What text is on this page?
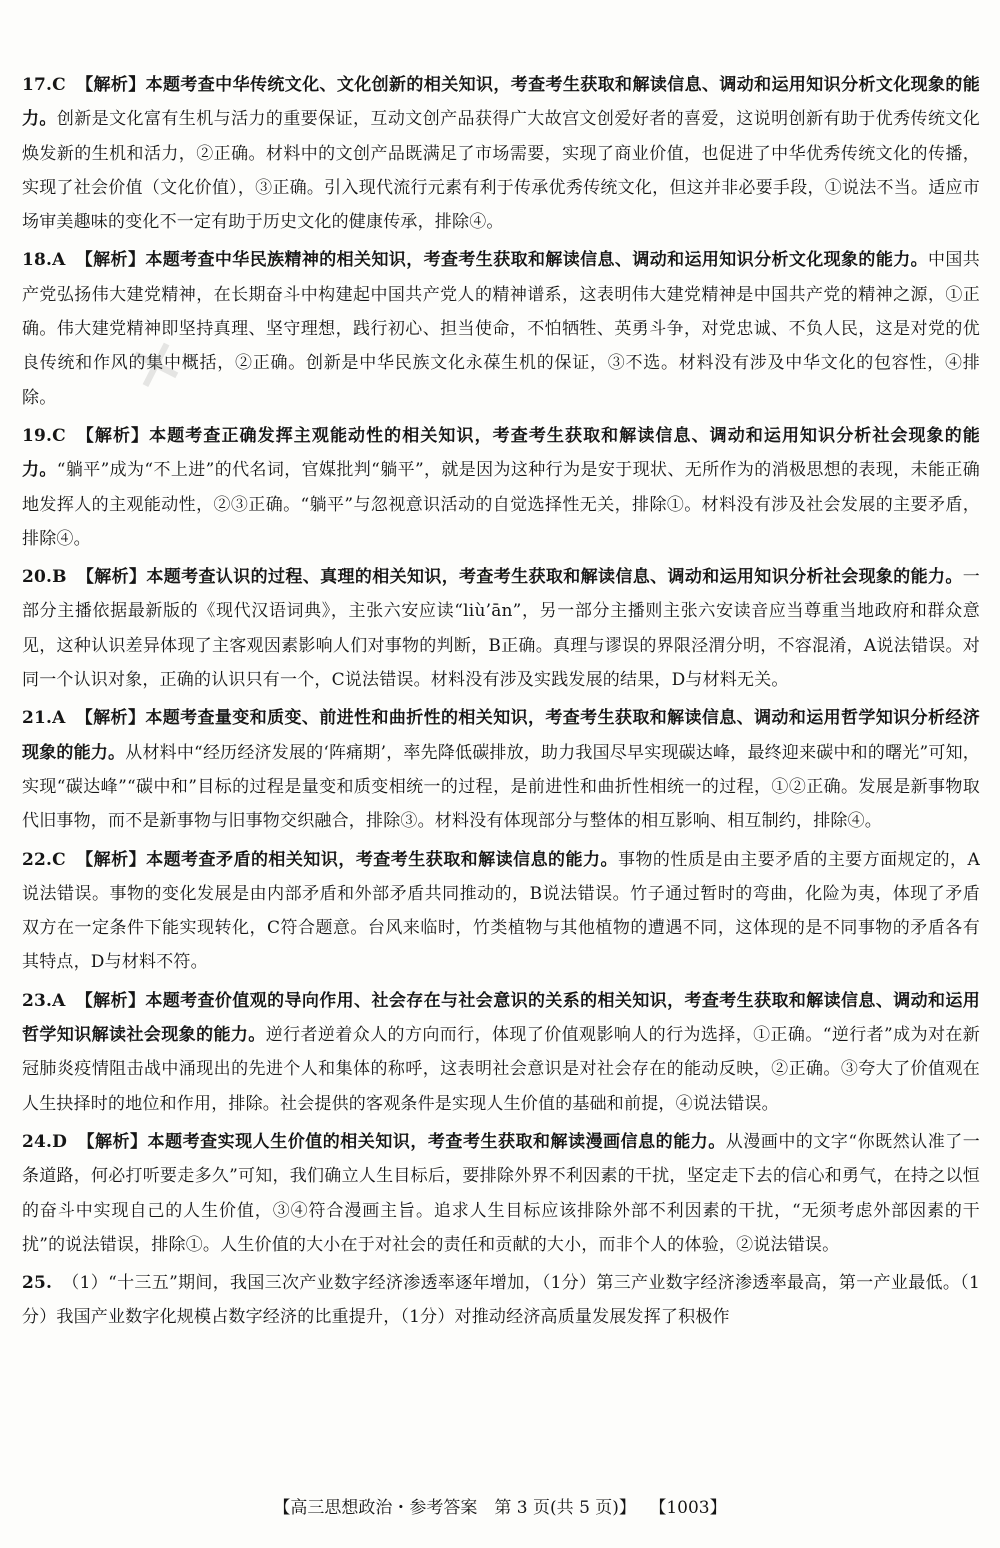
17.C 【解析】本题考查中华传统文化、文化创新的相关知识，考查考生获取和解读信息、调动和运用知识分析文化现象的能力。创新是文化富有生机与活力的重要保证，互动文创产品获得广大故宫文创爱好者的喜爱，这说明创新有助于优秀传统文化焕发新的生机和活力，②正确。材料中的文创产品既满足了市场需要，实现了商业价值，也促进了中华优秀传统文化的传播，实现了社会价值（文化价值），③正确。引入现代流行元素有利于传承优秀传统文化，但这并非必要手段，①说法不当。适应市场审美趣味的变化不一定有助于历史文化的健康传承，排除④。

18.A 【解析】本题考查中华民族精神的相关知识，考查考生获取和解读信息、调动和运用知识分析文化现象的能力。中国共产党弘扬伟大建党精神，在长期奋斗中构建起中国共产党人的精神谱系，这表明伟大建党精神是中国共产党的精神之源，①正确。伟大建党精神即坚持真理、坚守理想，践行初心、担当使命，不怕牺牲、英勇斗争，对党忠诚、不负人民，这是对党的优良传统和作风的集中概括，②正确。创新是中华民族文化永葆生机的保证，③不选。材料没有涉及中华文化的包容性，④排除。

19.C 【解析】本题考查正确发挥主观能动性的相关知识，考查考生获取和解读信息、调动和运用知识分析社会现象的能力。“躺平”成为“不上进”的代名词，官媒批判“躺平”，就是因为这种行为是安于现状、无所作为的消极思想的表现，未能正确地发挥人的主观能动性，②③正确。“躺平”与忽视意识活动的自觉选择性无关，排除①。材料没有涉及社会发展的主要矛盾，排除④。

20.B 【解析】本题考查认识的过程、真理的相关知识，考查考生获取和解读信息、调动和运用知识分析社会现象的能力。一部分主播依据最新版的《现代汉语词典》，主张六安应读“liù’ān”，另一部分主播则主张六安读音应当尊重当地政府和群众意见，这种认识差异体现了主客观因素影响人们对事物的判断，B正确。真理与谬误的界限泾渭分明，不容混淆，A说法错误。对同一个认识对象，正确的认识只有一个，C说法错误。材料没有涉及实践发展的结果，D与材料无关。

21.A 【解析】本题考查量变和质变、前进性和曲折性的相关知识，考查考生获取和解读信息、调动和运用哲学知识分析经济现象的能力。从材料中“经历经济发展的‘阵痛期’，率先降低碳排放，助力我国尽早实现碳达峰，最终迎来碳中和的曙光”可知，实现“碳达峰”“碳中和”目标的过程是量变和质变相统一的过程，是前进性和曲折性相统一的过程，①②正确。发展是新事物取代旧事物，而不是新事物与旧事物交织融合，排除③。材料没有体现部分与整体的相互影响、相互制约，排除④。

22.C 【解析】本题考查矛盾的相关知识，考查考生获取和解读信息的能力。事物的性质是由主要矛盾的主要方面规定的，A说法错误。事物的变化发展是由内部矛盾和外部矛盾共同推动的，B说法错误。竹子通过暂时的弯曲，化险为夷，体现了矛盾双方在一定条件下能实现转化，C符合题意。台风来临时，竹类植物与其他植物的遭遇不同，这体现的是不同事物的矛盾各有其特点，D与材料不符。

23.A 【解析】本题考查价值观的导向作用、社会存在与社会意识的关系的相关知识，考查考生获取和解读信息、调动和运用哲学知识解读社会现象的能力。逆行者逆着众人的方向而行，体现了价值观影响人的行为选择，①正确。“逆行者”成为对在新冠肺炎疫情阻击战中涌现出的先进个人和集体的称呼，这表明社会意识是对社会存在的能动反映，②正确。③夸大了价值观在人生抉择时的地位和作用，排除。社会提供的客观条件是实现人生价值的基础和前提，④说法错误。

24.D 【解析】本题考查实现人生价值的相关知识，考查考生获取和解读漫画信息的能力。从漫画中的文字“你既然认准了一条道路，何必打听要走多久”可知，我们确立人生目标后，要排除外界不利因素的干扰，坚定走下去的信心和勇气，在持之以恒的奋斗中实现自己的人生价值，③④符合漫画主旨。追求人生目标应该排除外部不利因素的干扰，“无须考虑外部因素的干扰”的说法错误，排除①。人生价值的大小在于对社会的责任和贡献的大小，而非个人的体验，②说法错误。

25. （1）“十三五”期间，我国三次产业数字经济渗透率逐年增加，（1分）第三产业数字经济渗透率最高，第一产业最低。（1分）我国产业数字化规模占数字经济的比重提升，（1分）对推动经济高质量发展发挥了积极作

✕
【高三思想政治・参考答案　第 3 页(共 5 页)】 【1003】
